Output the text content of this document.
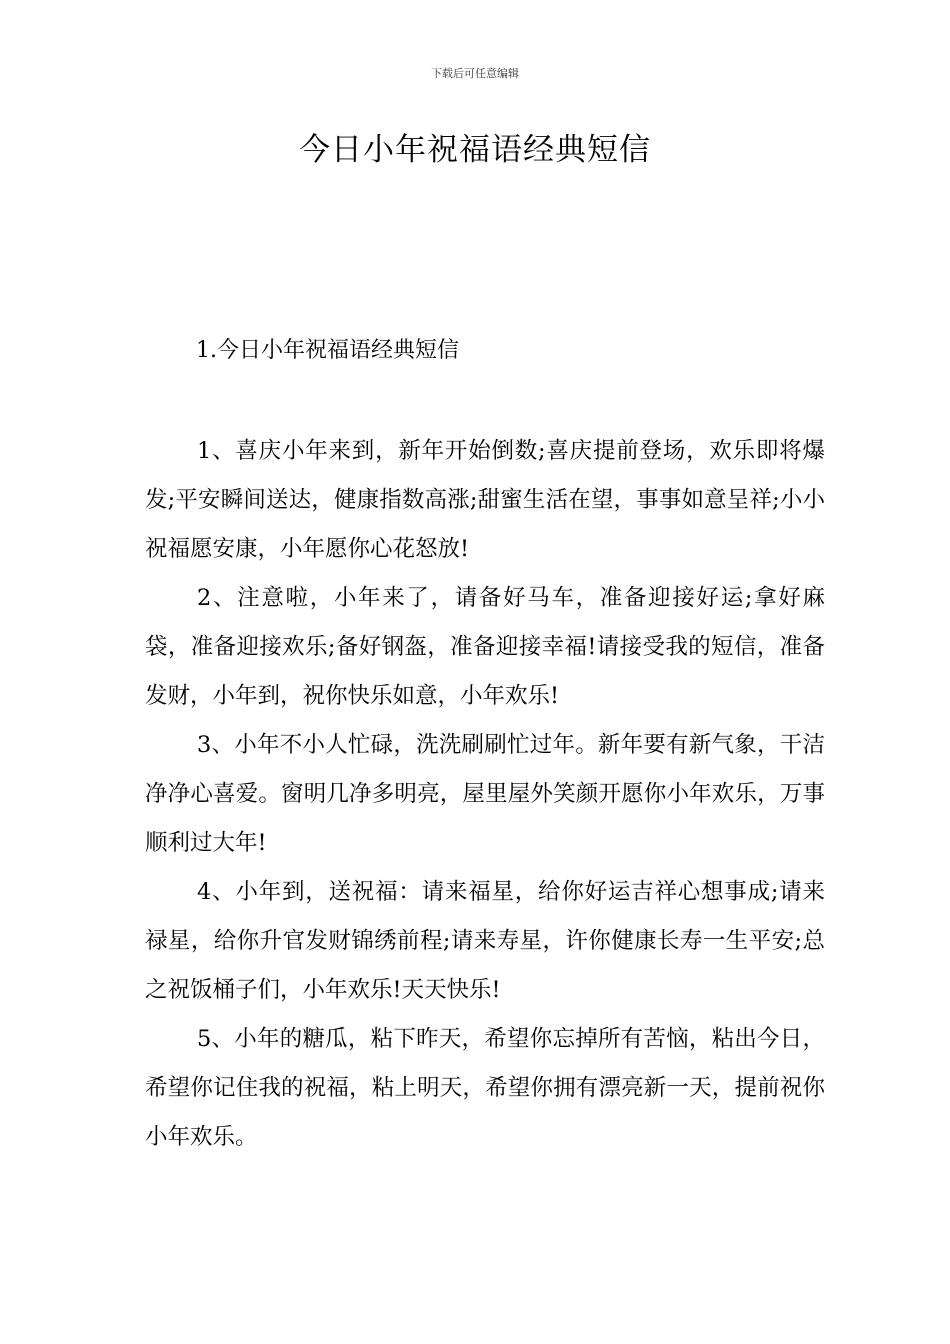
下载后可任意编辑
今日小年祝福语经典短信
1.今日小年祝福语经典短信

1、喜庆小年来到，新年开始倒数;喜庆提前登场，欢乐即将爆发;平安瞬间送达，健康指数高涨;甜蜜生活在望，事事如意呈祥;小小祝福愿安康，小年愿你心花怒放!

2、注意啦，小年来了，请备好马车，准备迎接好运;拿好麻袋，准备迎接欢乐;备好钢盔，准备迎接幸福!请接受我的短信，准备发财，小年到，祝你快乐如意，小年欢乐!

3、小年不小人忙碌，洗洗刷刷忙过年。新年要有新气象，干洁净净心喜爱。窗明几净多明亮，屋里屋外笑颜开愿你小年欢乐，万事顺利过大年!

4、小年到，送祝福：请来福星，给你好运吉祥心想事成;请来禄星，给你升官发财锦绣前程;请来寿星，许你健康长寿一生平安;总之祝饭桶子们，小年欢乐!天天快乐!

5、小年的糖瓜，粘下昨天，希望你忘掉所有苦恼，粘出今日，希望你记住我的祝福，粘上明天，希望你拥有漂亮新一天，提前祝你小年欢乐。
